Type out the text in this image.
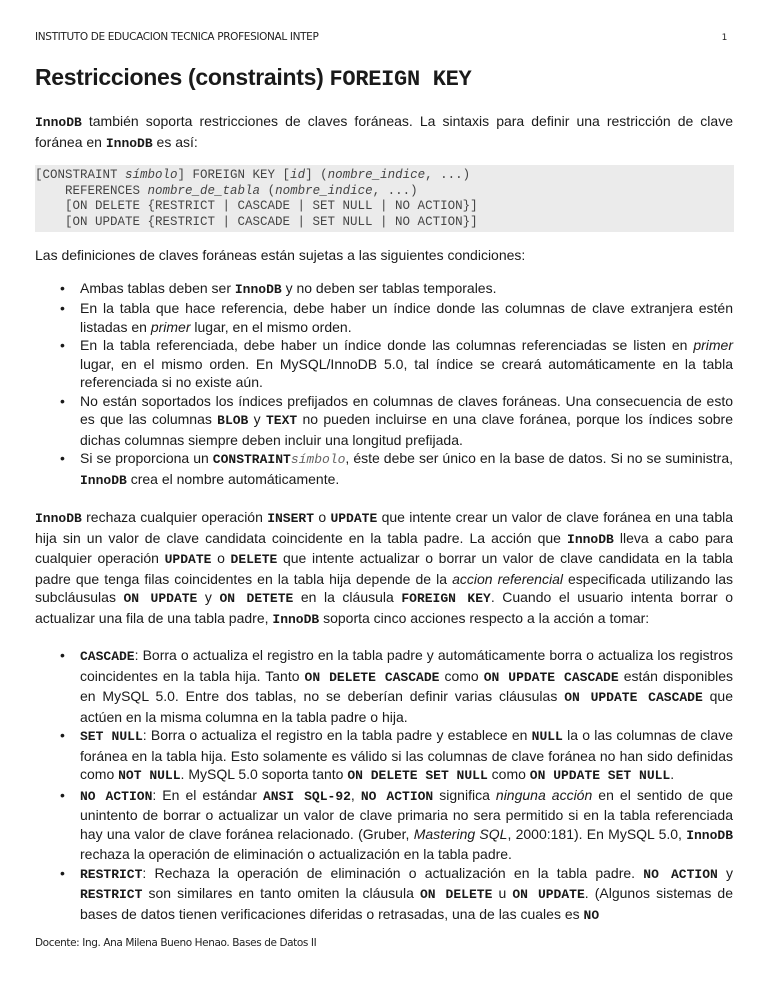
INSTITUTO DE EDUCACION TECNICA PROFESIONAL INTEP	1
Restricciones (constraints) FOREIGN KEY

InnoDB también soporta restricciones de claves foráneas. La sintaxis para definir una restricción de clave foránea en InnoDB es así:

[CONSTRAINT símbolo] FOREIGN KEY [id] (nombre_indice, ...)
REFERENCES nombre_de_tabla (nombre_indice, ...)
[ON DELETE {RESTRICT | CASCADE | SET NULL | NO ACTION}]
[ON UPDATE {RESTRICT | CASCADE | SET NULL | NO ACTION}]

Las definiciones de claves foráneas están sujetas a las siguientes condiciones:

• Ambas tablas deben ser InnoDB y no deben ser tablas temporales.
• En la tabla que hace referencia, debe haber un índice donde las columnas de clave extranjera estén listadas en primer lugar, en el mismo orden.
• En la tabla referenciada, debe haber un índice donde las columnas referenciadas se listen en primer lugar, en el mismo orden. En MySQL/InnoDB 5.0, tal índice se creará automáticamente en la tabla referenciada si no existe aún.
• No están soportados los índices prefijados en columnas de claves foráneas. Una consecuencia de esto es que las columnas BLOB y TEXT no pueden incluirse en una clave foránea, porque los índices sobre dichas columnas siempre deben incluir una longitud prefijada.
• Si se proporciona un CONSTRAINTsímbolo, éste debe ser único en la base de datos. Si no se suministra, InnoDB crea el nombre automáticamente.

InnoDB rechaza cualquier operación INSERT o UPDATE que intente crear un valor de clave foránea en una tabla hija sin un valor de clave candidata coincidente en la tabla padre. La acción que InnoDB lleva a cabo para cualquier operación UPDATE o DELETE que intente actualizar o borrar un valor de clave candidata en la tabla padre que tenga filas coincidentes en la tabla hija depende de la accion referencial especificada utilizando las subcláusulas ON UPDATE y ON DETETE en la cláusula FOREIGN KEY. Cuando el usuario intenta borrar o actualizar una fila de una tabla padre, InnoDB soporta cinco acciones respecto a la acción a tomar:

• CASCADE: Borra o actualiza el registro en la tabla padre y automáticamente borra o actualiza los registros coincidentes en la tabla hija. Tanto ON DELETE CASCADE como ON UPDATE CASCADE están disponibles en MySQL 5.0. Entre dos tablas, no se deberían definir varias cláusulas ON UPDATE CASCADE que actúen en la misma columna en la tabla padre o hija.
• SET NULL: Borra o actualiza el registro en la tabla padre y establece en NULL la o las columnas de clave foránea en la tabla hija. Esto solamente es válido si las columnas de clave foránea no han sido definidas como NOT NULL. MySQL 5.0 soporta tanto ON DELETE SET NULL como ON UPDATE SET NULL.
• NO ACTION: En el estándar ANSI SQL-92, NO ACTION significa ninguna acción en el sentido de que unintento de borrar o actualizar un valor de clave primaria no sera permitido si en la tabla referenciada hay una valor de clave foránea relacionado. (Gruber, Mastering SQL, 2000:181). En MySQL 5.0, InnoDB rechaza la operación de eliminación o actualización en la tabla padre.
• RESTRICT: Rechaza la operación de eliminación o actualización en la tabla padre. NO ACTION y RESTRICT son similares en tanto omiten la cláusula ON DELETE u ON UPDATE. (Algunos sistemas de bases de datos tienen verificaciones diferidas o retrasadas, una de las cuales es NO
Docente: Ing. Ana Milena Bueno Henao. Bases de Datos II
